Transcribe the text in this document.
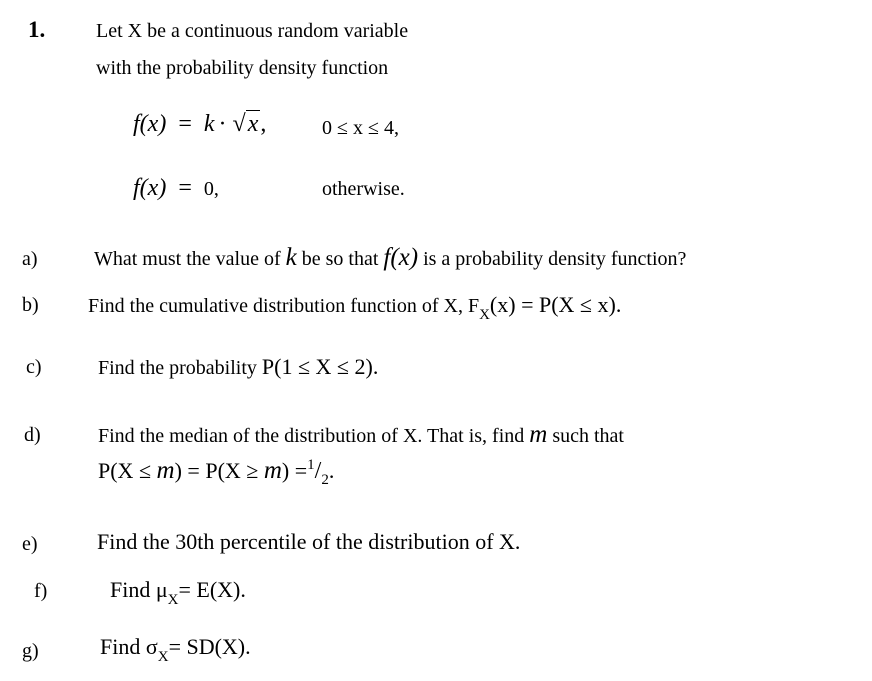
1.	Let X be a continuous random variable
with the probability density function
f(x) = k · √x,	0 ≤ x ≤ 4,
f(x) = 0,	otherwise.
a)	What must the value of k be so that f(x) is a probability density function?
b) Find the cumulative distribution function of X, $F_X(x) = P(X \le x)$.
c)	Find the probability P(1 ≤ X ≤ 2).
d)	Find the median of the distribution of X. That is, find m such that
$P(X \le m) = P(X \ge m) =^1/_2$.
e)	Find the 30th percentile of the distribution of X.
f)	Find $\mu_X= E(X)$.
g)	Find $\sigma_X= SD(X)$.
